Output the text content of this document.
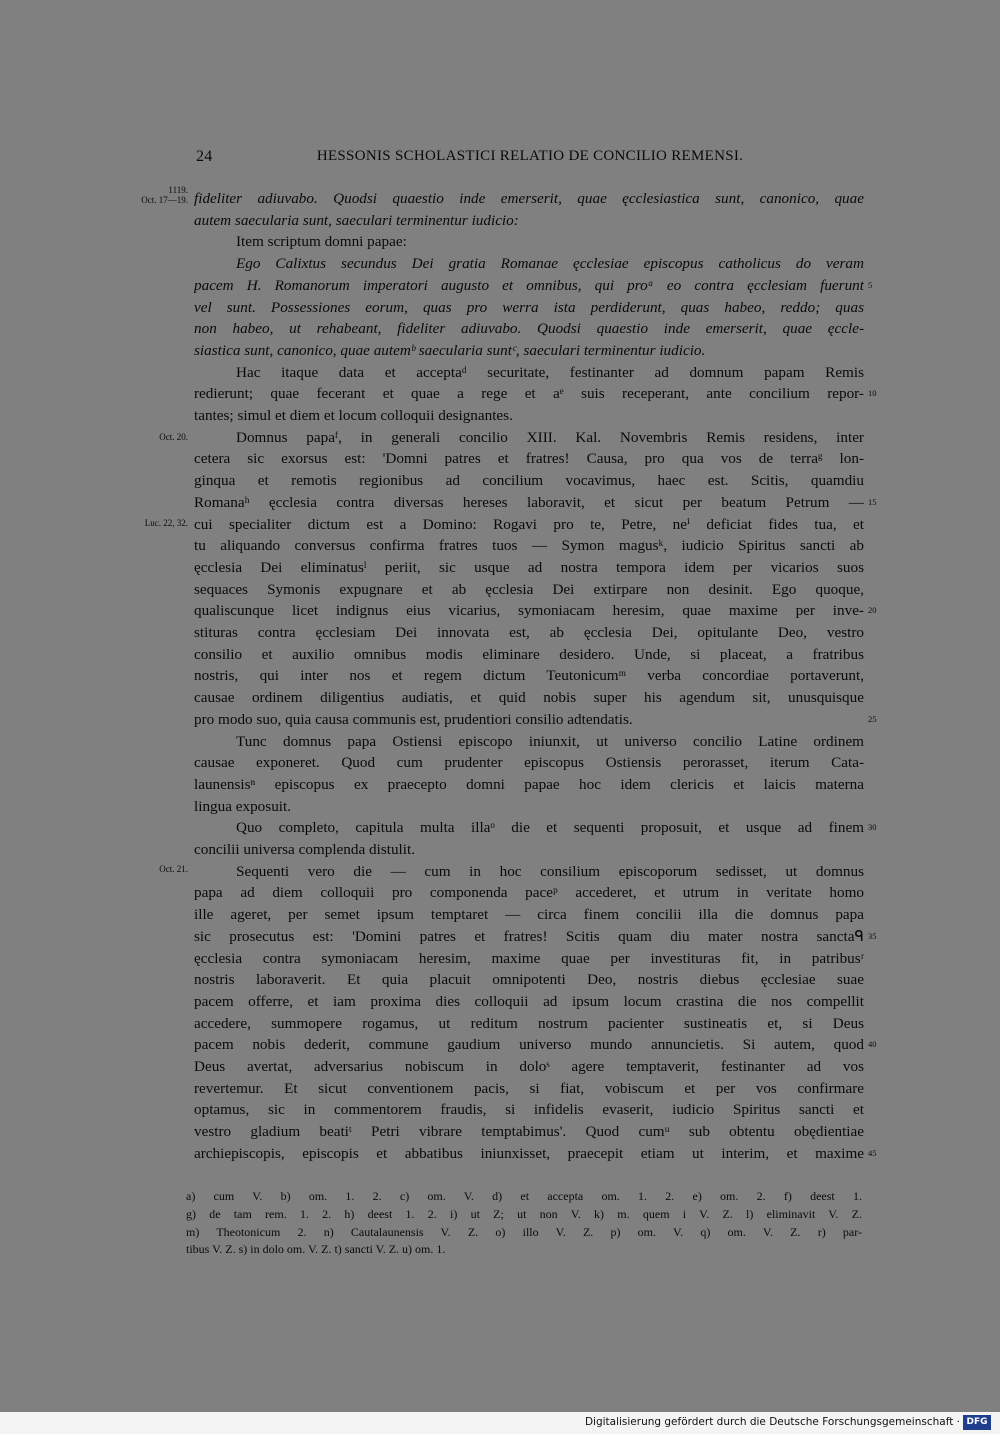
24	HESSONIS SCHOLASTICI RELATIO DE CONCILIO REMENSI.
1119.
Oct. 17—19.
Oct. 20.
Luc. 22, 32.
Oct. 21.
fideliter adiuvabo. Quodsi quaestio inde emerserit, quae ęcclesiastica sunt, canonico, quae
autem saecularia sunt, saeculari terminentur iudicio:
Item scriptum domni papae:
Ego Calixtus secundus Dei gratia Romanae ęcclesiae episcopus catholicus do veram
pacem H. Romanorum imperatori augusto et omnibus, qui proᵃ eo contra ęcclesiam fuerunt
vel sunt. Possessiones eorum, quas pro werra ista perdiderunt, quas habeo, reddo; quas
non habeo, ut rehabeant, fideliter adiuvabo. Quodsi quaestio inde emerserit, quae ęccle-
siastica sunt, canonico, quae autemᵇ saecularia suntᶜ, saeculari terminentur iudicio.
Hac itaque data et acceptaᵈ securitate, festinanter ad domnum papam Remis
redierunt; quae fecerant et quae a rege et aᵉ suis receperant, ante concilium repor-
tantes; simul et diem et locum colloquii designantes.
Domnus papaᶠ, in generali concilio XIII. Kal. Novembris Remis residens, inter
cetera sic exorsus est: 'Domni patres et fratres! Causa, pro qua vos de terraᵍ lon-
ginqua et remotis regionibus ad concilium vocavimus, haec est. Scitis, quamdiu
Romanaʰ ęcclesia contra diversas hereses laboravit, et sicut per beatum Petrum —
cui specialiter dictum est a Domino: Rogavi pro te, Petre, neⁱ deficiat fides tua, et
tu aliquando conversus confirma fratres tuos — Symon magusᵏ, iudicio Spiritus sancti ab
ęcclesia Dei eliminatusˡ periit, sic usque ad nostra tempora idem per vicarios suos
sequaces Symonis expugnare et ab ęcclesia Dei extirpare non desinit. Ego quoque,
qualiscunque licet indignus eius vicarius, symoniacam heresim, quae maxime per inve-
stituras contra ęcclesiam Dei innovata est, ab ęcclesia Dei, opitulante Deo, vestro
consilio et auxilio omnibus modis eliminare desidero. Unde, si placeat, a fratribus
nostris, qui inter nos et regem dictum Teutonicumᵐ verba concordiae portaverunt,
causae ordinem diligentius audiatis, et quid nobis super his agendum sit, unusquisque
pro modo suo, quia causa communis est, prudentiori consilio adtendatis.
Tunc domnus papa Ostiensi episcopo iniunxit, ut universo concilio Latine ordinem
causae exponeret. Quod cum prudenter episcopus Ostiensis perorasset, iterum Cata-
launensisⁿ episcopus ex praecepto domni papae hoc idem clericis et laicis materna
lingua exposuit.
Quo completo, capitula multa illaᵒ die et sequenti proposuit, et usque ad finem
concilii universa complenda distulit.
Sequenti vero die — cum in hoc consilium episcoporum sedisset, ut domnus
papa ad diem colloquii pro componenda paceᵖ accederet, et utrum in veritate homo
ille ageret, per semet ipsum temptaret — circa finem concilii illa die domnus papa
sic prosecutus est: 'Domini patres et fratres! Scitis quam diu mater nostra sanctaᑫ
ęcclesia contra symoniacam heresim, maxime quae per investituras fit, in patribusʳ
nostris laboraverit. Et quia placuit omnipotenti Deo, nostris diebus ęcclesiae suae
pacem offerre, et iam proxima dies colloquii ad ipsum locum crastina die nos compellit
accedere, summopere rogamus, ut reditum nostrum pacienter sustineatis et, si Deus
pacem nobis dederit, commune gaudium universo mundo annuncietis. Si autem, quod
Deus avertat, adversarius nobiscum in doloˢ agere temptaverit, festinanter ad vos
revertemur. Et sicut conventionem pacis, si fiat, vobiscum et per vos confirmare
optamus, sic in commentorem fraudis, si infidelis evaserit, iudicio Spiritus sancti et
vestro gladium beatiᵗ Petri vibrare temptabimus'. Quod cumᵘ sub obtentu obędientiae
archiepiscopis, episcopis et abbatibus iniunxisset, praecepit etiam ut interim, et maxime
5
10
15
20
25
30
35
40
45
a) cum V. b) om. 1. 2. c) om. V. d) et accepta om. 1. 2. e) om. 2. f) deest 1.
g) de tam rem. 1. 2. h) deest 1. 2. i) ut Z; ut non V. k) m. quem i V. Z. l) eliminavit V. Z.
m) Theotonicum 2. n) Cautalaunensis V. Z. o) illo V. Z. p) om. V. q) om. V. Z. r) par-
tibus V. Z. s) in dolo om. V. Z. t) sancti V. Z. u) om. 1.
Digitalisierung gefördert durch die Deutsche Forschungsgemeinschaft · DFG
